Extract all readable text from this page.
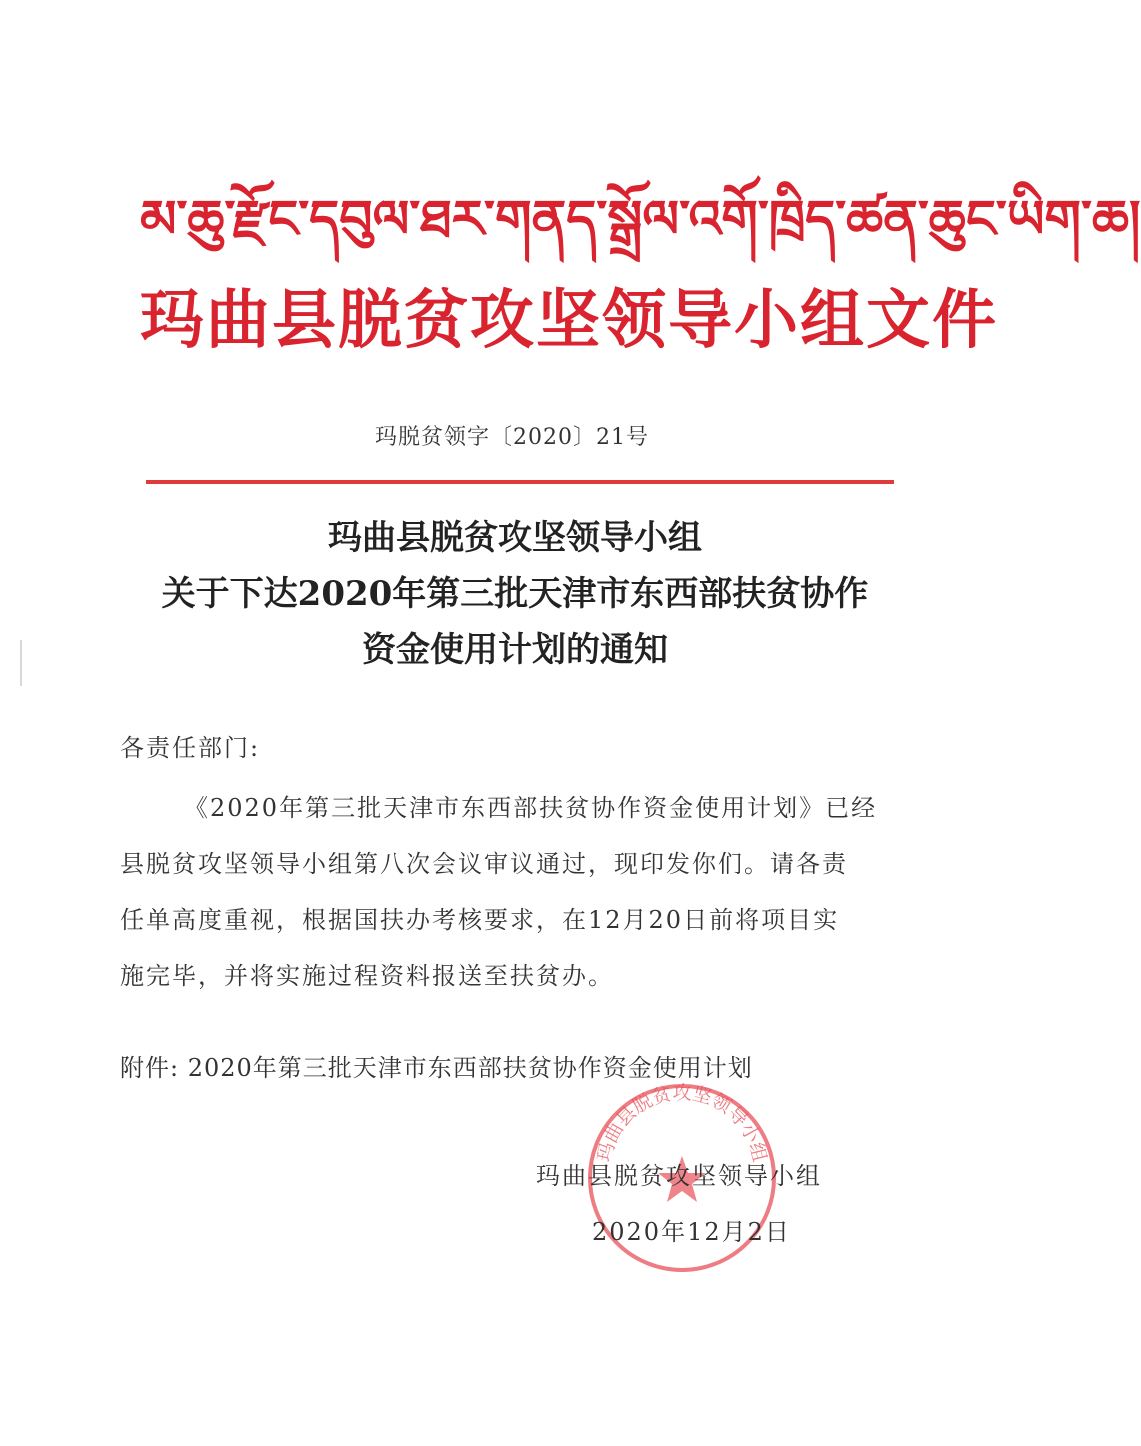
མ་ཆུ་རྫོང་དབུལ་ཐར་གནད་སྒྲོལ་འགོ་ཁྲིད་ཚན་ཆུང་ཡིག་ཆ།
玛曲县脱贫攻坚领导小组文件
玛脱贫领字〔2020〕21号
玛曲县脱贫攻坚领导小组
关于下达2020年第三批天津市东西部扶贫协作
资金使用计划的通知
各责任部门:
《2020年第三批天津市东西部扶贫协作资金使用计划》已经
县脱贫攻坚领导小组第八次会议审议通过，现印发你们。请各责
任单高度重视，根据国扶办考核要求，在12月20日前将项目实
施完毕，并将实施过程资料报送至扶贫办。
附件: 2020年第三批天津市东西部扶贫协作资金使用计划
玛曲县脱贫攻坚领导小组
玛曲县脱贫攻坚领导小组
2020年12月2日
